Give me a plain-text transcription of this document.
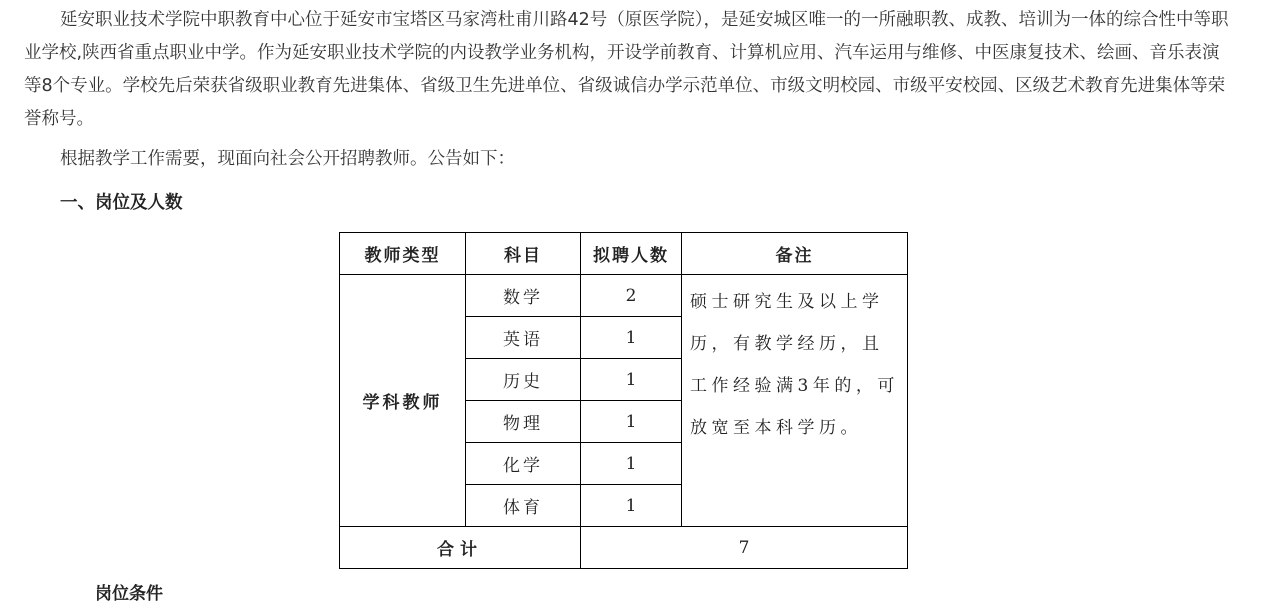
延安职业技术学院中职教育中心位于延安市宝塔区马家湾杜甫川路42号（原医学院），是延安城区唯一的一所融职教、成教、培训为一体的综合性中等职业学校,陕西省重点职业中学。作为延安职业技术学院的内设教学业务机构，开设学前教育、计算机应用、汽车运用与维修、中医康复技术、绘画、音乐表演等8个专业。学校先后荣获省级职业教育先进集体、省级卫生先进单位、省级诚信办学示范单位、市级文明校园、市级平安校园、区级艺术教育先进集体等荣誉称号。

根据教学工作需要，现面向社会公开招聘教师。公告如下：

一、岗位及人数
教师类型	科目	拟聘人数	备注
学科教师	数学	2	硕士研究生及以上学历，有教学经历，且工作经验满3年的，可放宽至本科学历。
	英语	1	
	历史	1	
	物理	1	
	化学	1	
	体育	1	
合计		7	
岗位条件
